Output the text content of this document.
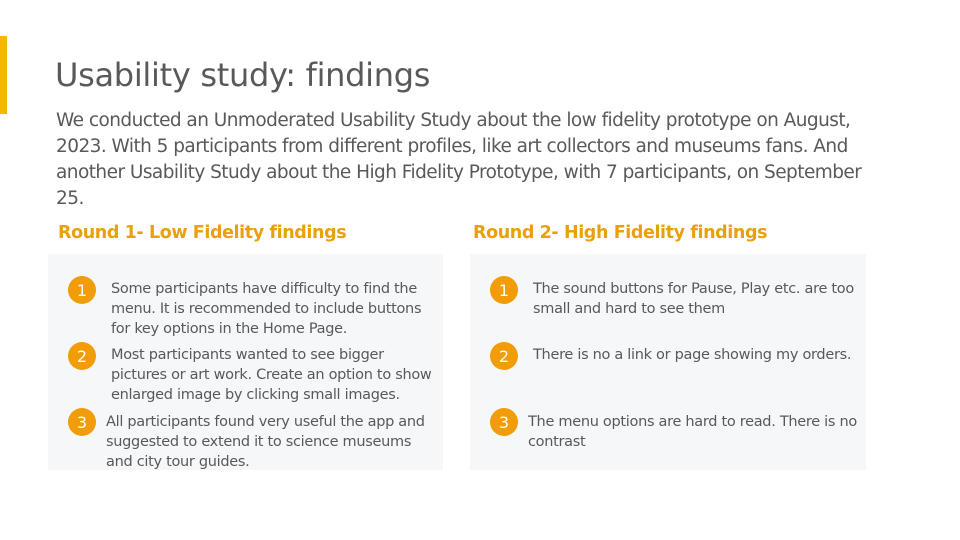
Usability study: findings

We conducted an Unmoderated Usability Study about the low fidelity prototype on August, 2023. With 5 participants from different profiles, like art collectors and museums fans. And another Usability Study about the High Fidelity Prototype, with 7 participants, on September 25.

Round 1- Low Fidelity findings	Round 2- High Fidelity findings
1	Some participants have difficulty to find the menu. It is recommended to include buttons for key options in the Home Page.

2	Most participants wanted to see bigger pictures or art work. Create an option to show enlarged image by clicking small images.

3	All participants found very useful the app and suggested to extend it to science museums and city tour guides.

1	The sound buttons for Pause, Play etc. are too small and hard to see them

2	There is no a link or page showing my orders.

3	The menu options are hard to read. There is no contrast
